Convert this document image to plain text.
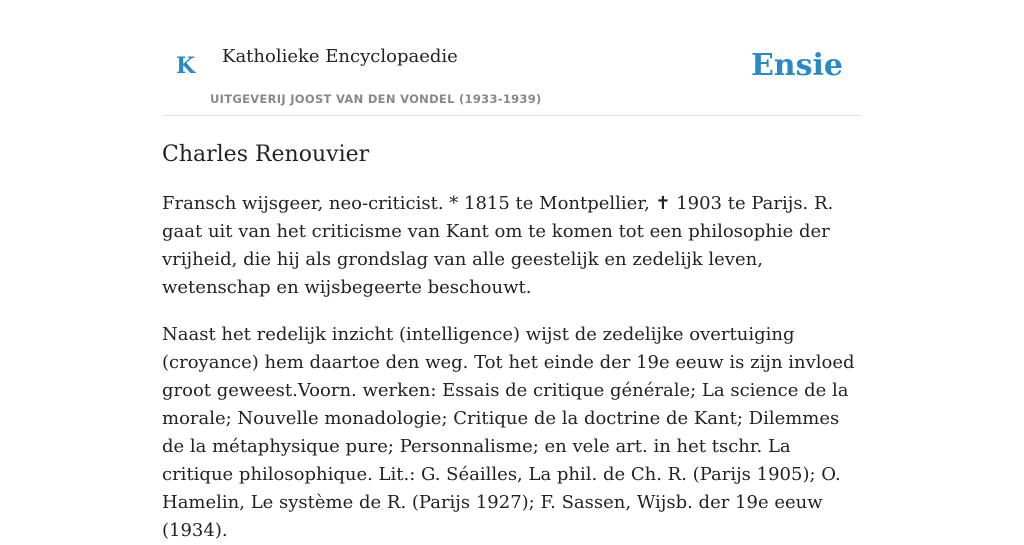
K Katholieke Encyclopaedie
UITGEVERIJ JOOST VAN DEN VONDEL (1933-1939)
Ensie
Charles Renouvier

Fransch wijsgeer, neo-criticist. * 1815 te Montpellier, ✝ 1903 te Parijs. R. gaat uit van het criticisme van Kant om te komen tot een philosophie der vrijheid, die hij als grondslag van alle geestelijk en zedelijk leven, wetenschap en wijsbegeerte beschouwt.

Naast het redelijk inzicht (intelligence) wijst de zedelijke overtuiging (croyance) hem daartoe den weg. Tot het einde der 19e eeuw is zijn invloed groot geweest.Voorn. werken: Essais de critique générale; La science de la morale; Nouvelle monadologie; Critique de la doctrine de Kant; Dilemmes de la métaphysique pure; Personnalisme; en vele art. in het tschr. La critique philosophique. Lit.: G. Séailles, La phil. de Ch. R. (Parijs 1905); O. Hamelin, Le système de R. (Parijs 1927); F. Sassen, Wijsb. der 19e eeuw (1934).
